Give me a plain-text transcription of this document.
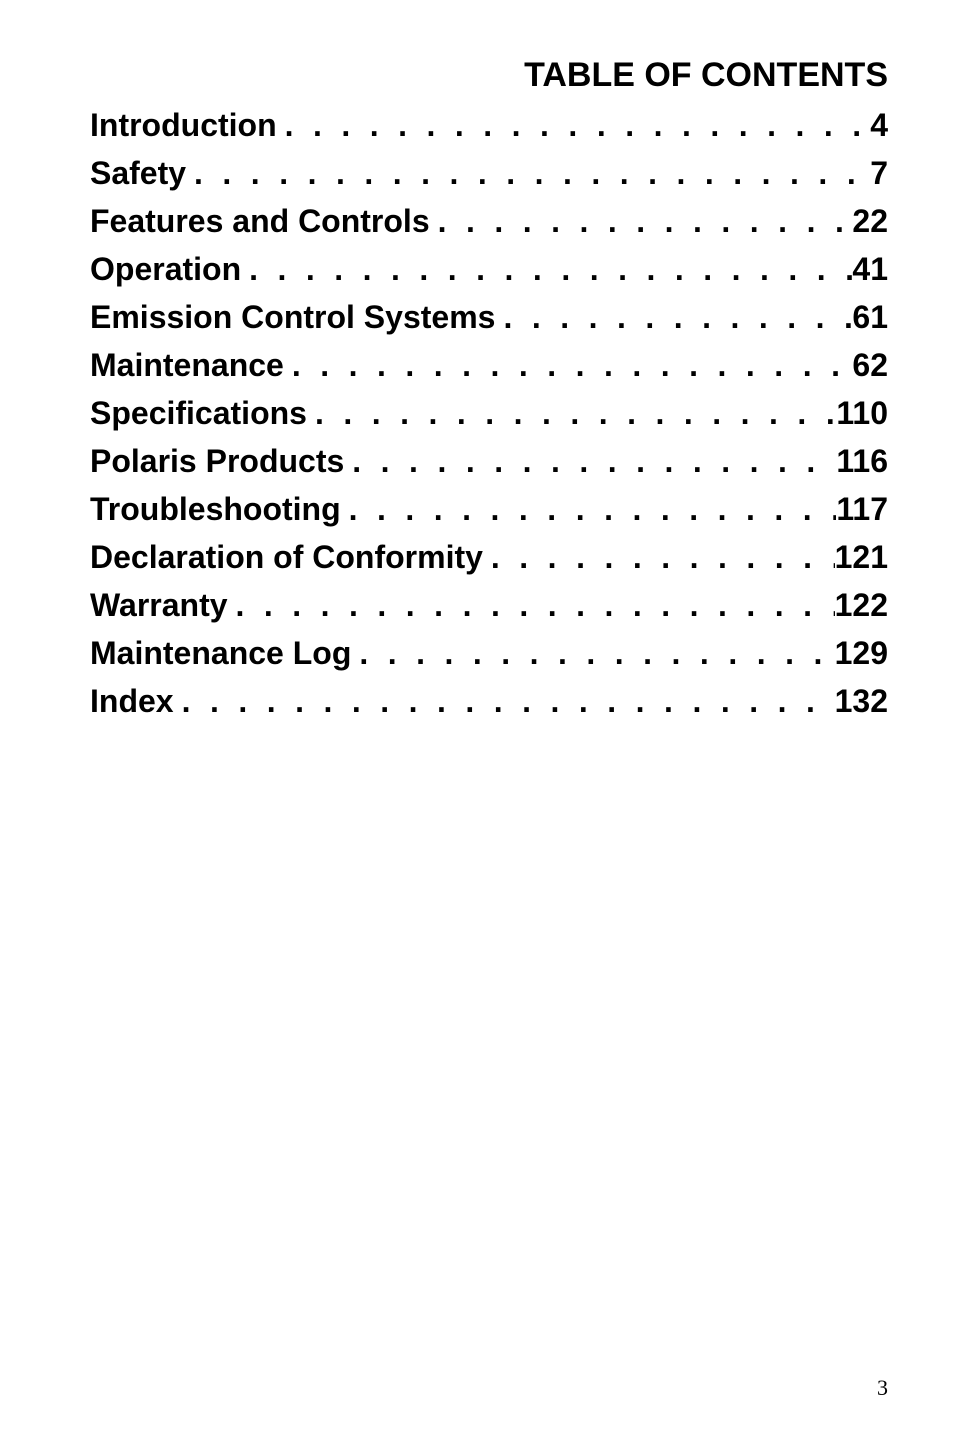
TABLE OF CONTENTS
Introduction . . .	4
Safety . . .	7
Features and Controls . . .	22
Operation . . .	41
Emission Control Systems . . .	61
Maintenance . . .	62
Specifications . . .	110
Polaris Products . . .	116
Troubleshooting . . .	117
Declaration of Conformity . . .	121
Warranty . . .	122
Maintenance Log . . .	129
Index . . .	132
3
